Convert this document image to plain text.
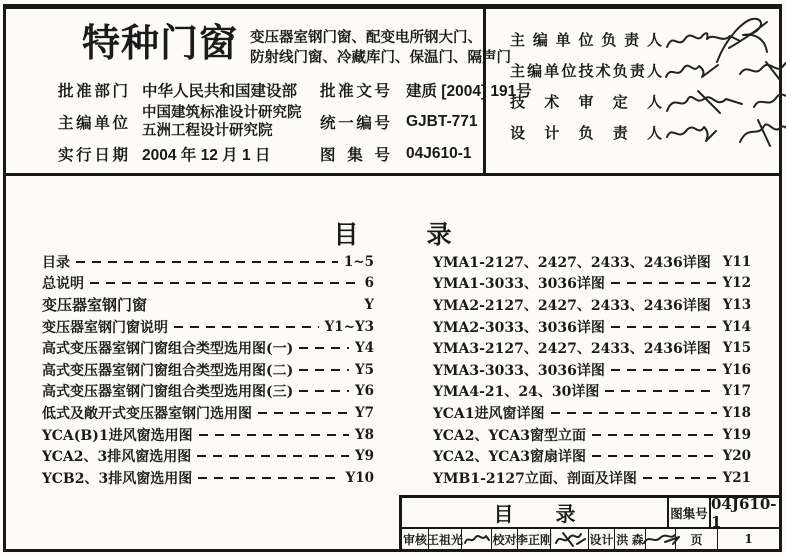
特种门窗 变压器室钢门窗、配变电所钢大门、
防射线门窗、冷藏库门、保温门、隔声门
批准部门 中华人民共和国建设部	批准文号 建质 [2004] 191号
主编单位
中国建筑标准设计研究院
五洲工程设计研究院	统一编号 GJBT-771
实行日期 2004 年 12 月 1 日	图集号 04J610-1
主编单位负责人
主编单位技术负责人
技术审定人
设计负责人
目	录
目录	1~5
总说明	6
变压器室钢门窗	Y
变压器室钢门窗说明	Y1~Y3
高式变压器室钢门窗组合类型选用图(一)	Y4
高式变压器室钢门窗组合类型选用图(二)	Y5
高式变压器室钢门窗组合类型选用图(三)	Y6
低式及敞开式变压器室钢门选用图	Y7
YCA(B)1进风窗选用图	Y8
YCA2、3排风窗选用图	Y9
YCB2、3排风窗选用图	Y10
YMA1-2127、2427、2433、2436详图 Y11
YMA1-3033、3036详图	Y12
YMA2-2127、2427、2433、2436详图 Y13
YMA2-3033、3036详图	Y14
YMA3-2127、2427、2433、2436详图 Y15
YMA3-3033、3036详图	Y16
YMA4-21、24、30详图	Y17
YCA1进风窗详图	Y18
YCA2、YCA3窗型立面	Y19
YCA2、YCA3窗扇详图	Y20
YMB1-2127立面、剖面及详图	Y21
目 录	图集号
04J610-1
审核 王祖光 校对 李正刚	设计 洪 森	页	1
